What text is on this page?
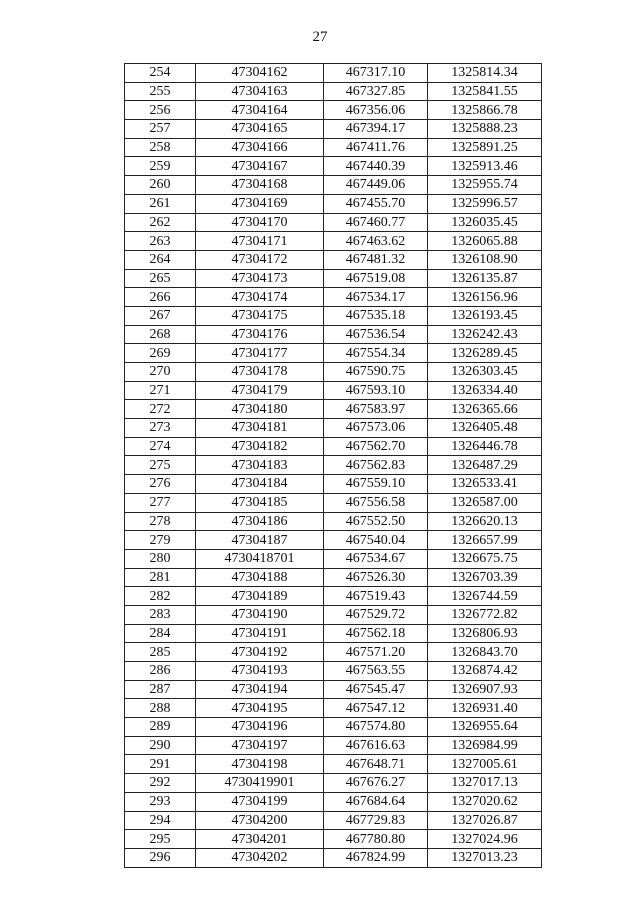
27
254	47304162	467317.10	1325814.34
255	47304163	467327.85	1325841.55
256	47304164	467356.06	1325866.78
257	47304165	467394.17	1325888.23
258	47304166	467411.76	1325891.25
259	47304167	467440.39	1325913.46
260	47304168	467449.06	1325955.74
261	47304169	467455.70	1325996.57
262	47304170	467460.77	1326035.45
263	47304171	467463.62	1326065.88
264	47304172	467481.32	1326108.90
265	47304173	467519.08	1326135.87
266	47304174	467534.17	1326156.96
267	47304175	467535.18	1326193.45
268	47304176	467536.54	1326242.43
269	47304177	467554.34	1326289.45
270	47304178	467590.75	1326303.45
271	47304179	467593.10	1326334.40
272	47304180	467583.97	1326365.66
273	47304181	467573.06	1326405.48
274	47304182	467562.70	1326446.78
275	47304183	467562.83	1326487.29
276	47304184	467559.10	1326533.41
277	47304185	467556.58	1326587.00
278	47304186	467552.50	1326620.13
279	47304187	467540.04	1326657.99
280	4730418701	467534.67	1326675.75
281	47304188	467526.30	1326703.39
282	47304189	467519.43	1326744.59
283	47304190	467529.72	1326772.82
284	47304191	467562.18	1326806.93
285	47304192	467571.20	1326843.70
286	47304193	467563.55	1326874.42
287	47304194	467545.47	1326907.93
288	47304195	467547.12	1326931.40
289	47304196	467574.80	1326955.64
290	47304197	467616.63	1326984.99
291	47304198	467648.71	1327005.61
292	4730419901	467676.27	1327017.13
293	47304199	467684.64	1327020.62
294	47304200	467729.83	1327026.87
295	47304201	467780.80	1327024.96
296	47304202	467824.99	1327013.23
